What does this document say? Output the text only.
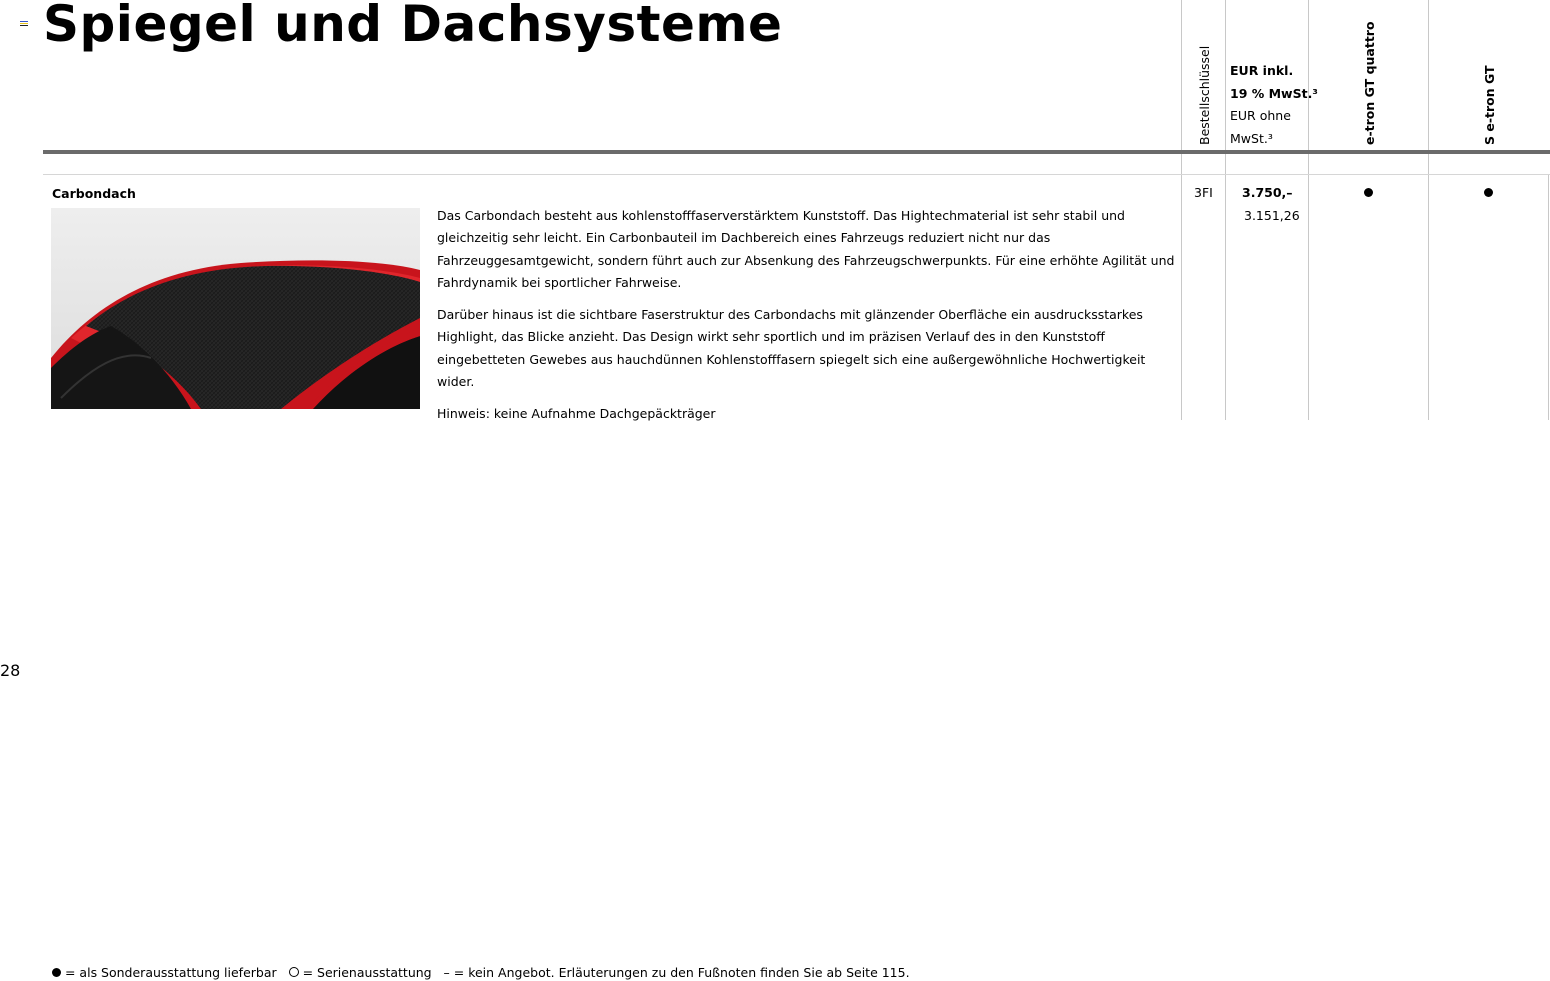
Spiegel und Dachsysteme
Bestellschlüssel EUR inkl.
19 % MwSt.³
EUR ohne
MwSt.³	e-tron GT quattro	S e-tron GT
Carbondach

Das Carbondach besteht aus kohlenstofffaserverstärktem Kunststoff. Das Hightechmaterial ist sehr stabil und gleichzeitig sehr leicht. Ein Carbonbauteil im Dachbereich eines Fahrzeugs reduziert nicht nur das Fahrzeuggesamtgewicht, sondern führt auch zur Absenkung des Fahrzeugschwerpunkts. Für eine erhöhte Agilität und Fahrdynamik bei sportlicher Fahrweise.

Darüber hinaus ist die sichtbare Faserstruktur des Carbondachs mit glänzender Oberfläche ein ausdrucksstarkes Highlight, das Blicke anzieht. Das Design wirkt sehr sportlich und im präzisen Verlauf des in den Kunststoff eingebetteten Gewebes aus hauchdünnen Kohlenstofffasern spiegelt sich eine außergewöhnliche Hochwertigkeit wider.

Hinweis: keine Aufnahme Dachgepäckträger

3FI 3.750,–
3.151,26
28
= als Sonderausstattung lieferbar = Serienausstattung – = kein Angebot. Erläuterungen zu den Fußnoten finden Sie ab Seite 115.
